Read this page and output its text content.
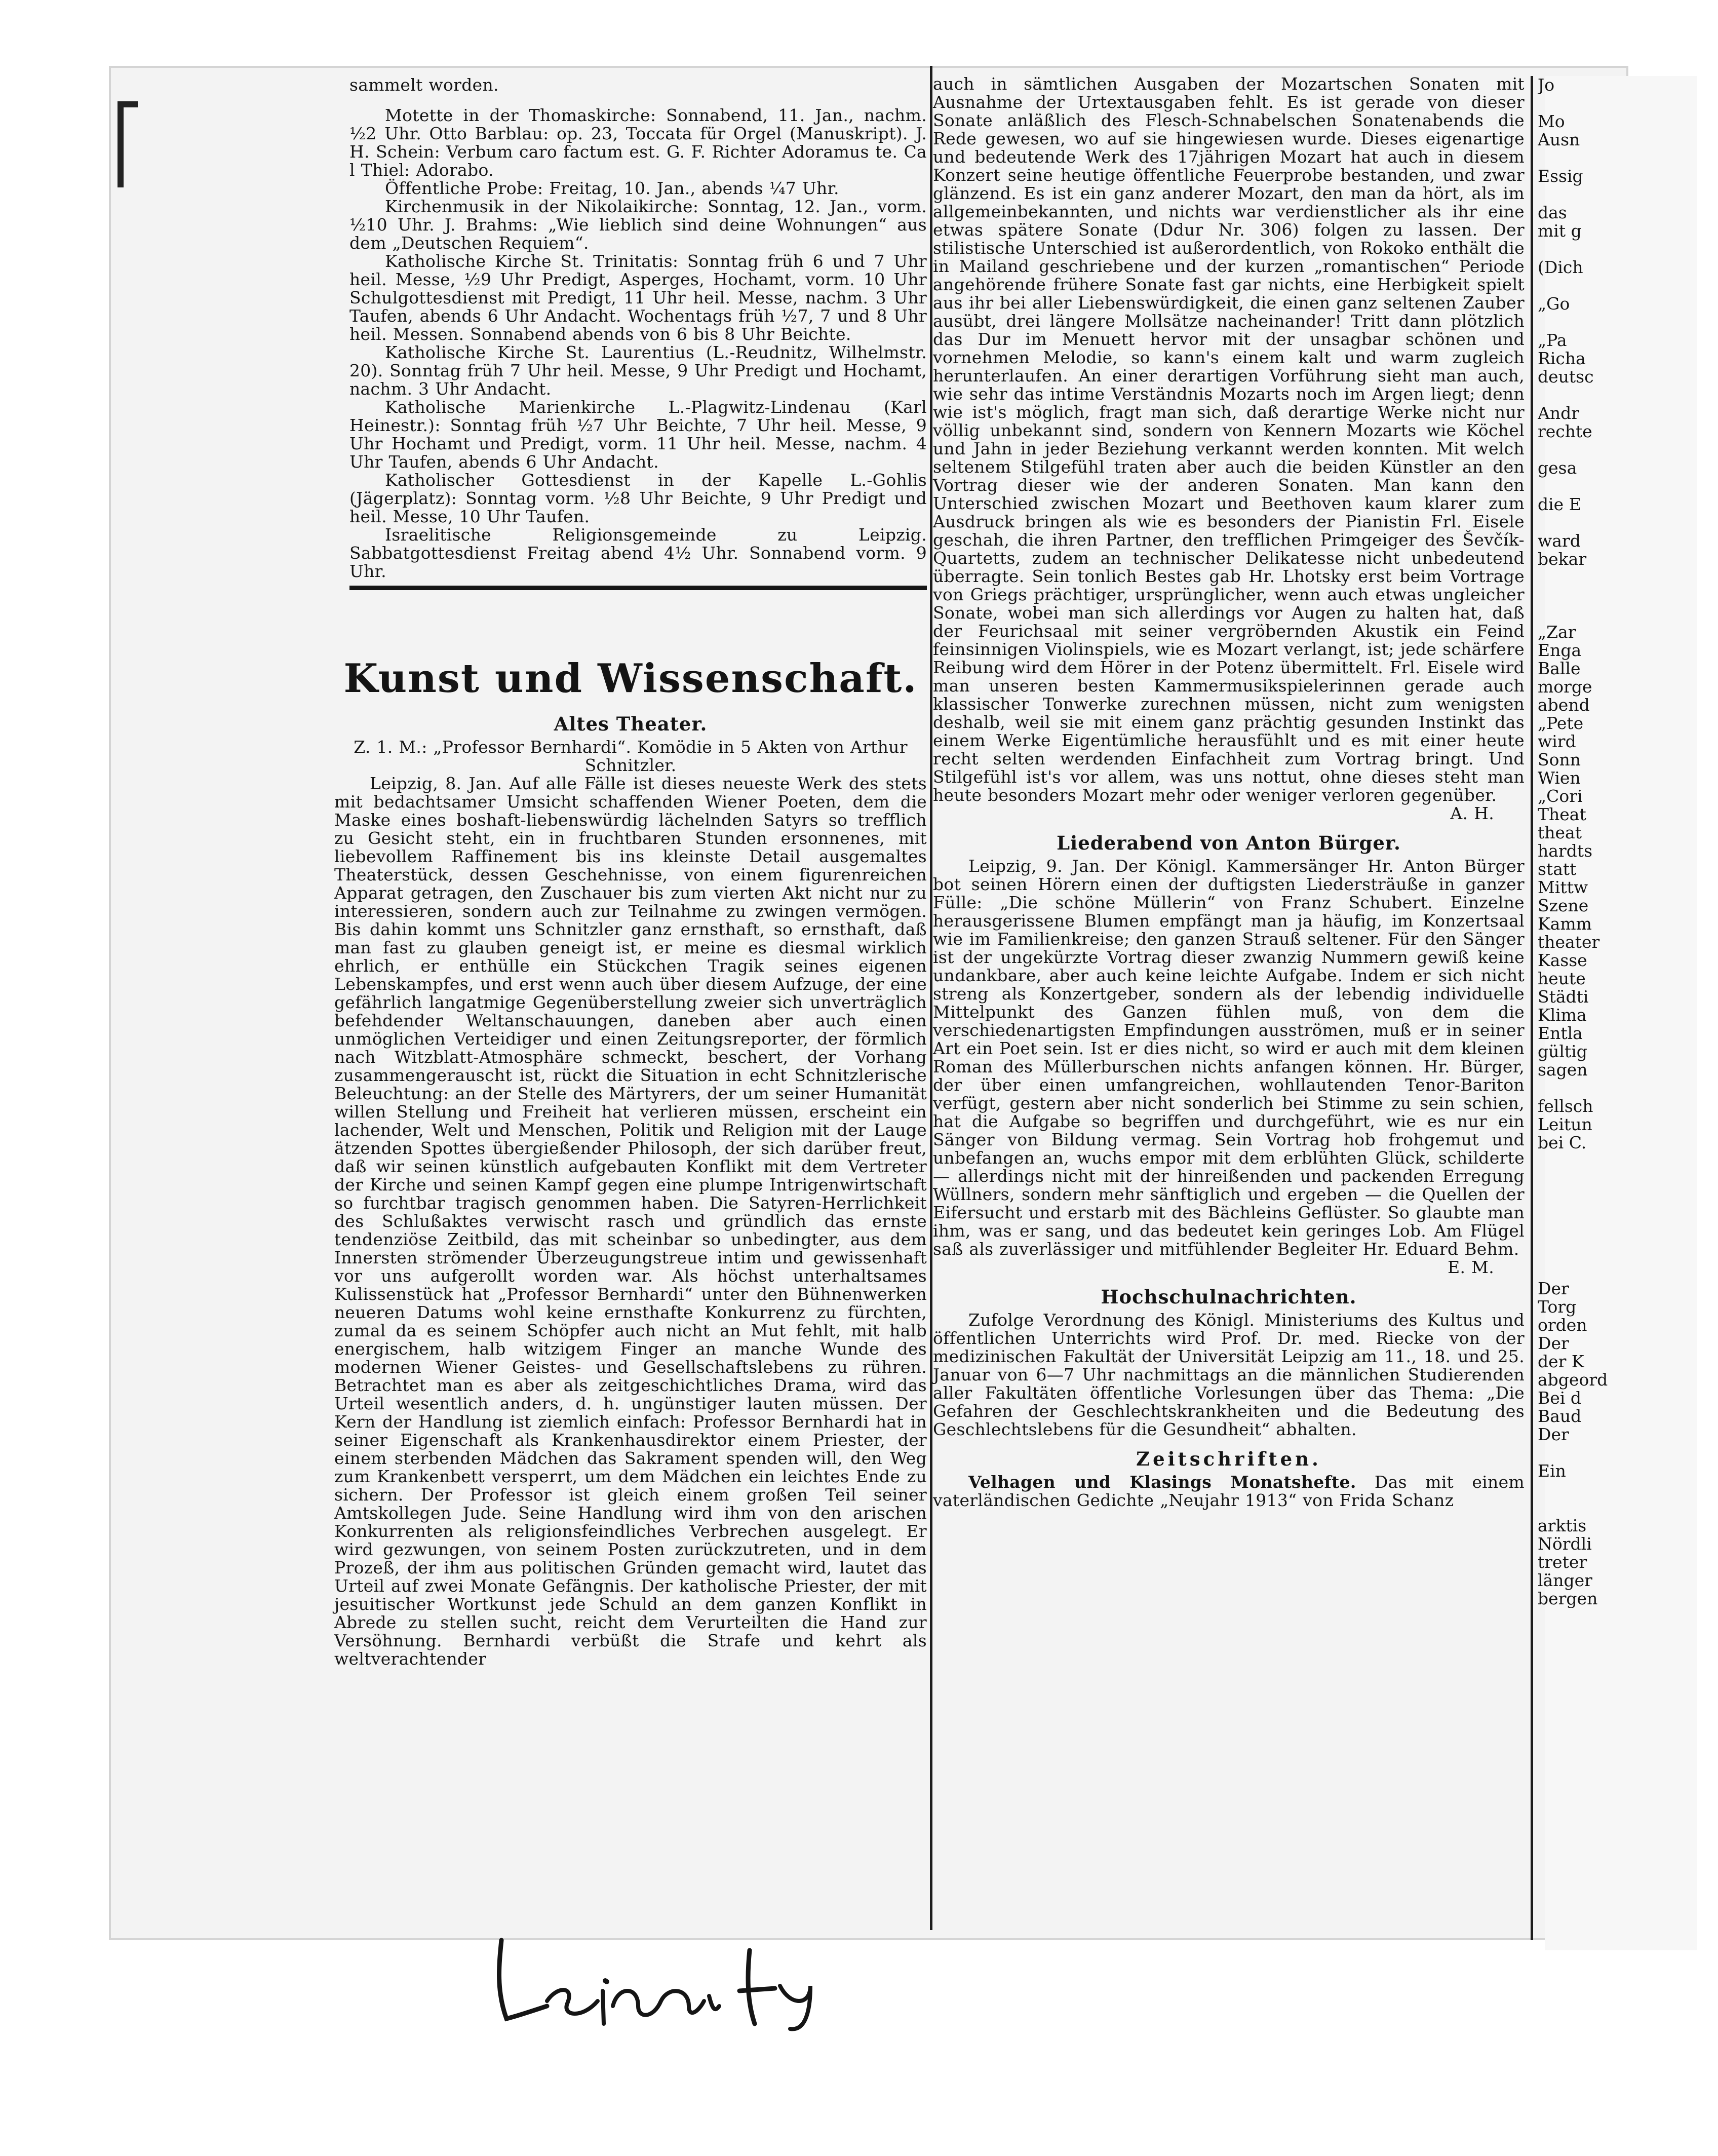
sammelt worden.

Motette in der Thomaskirche: Sonnabend, 11. Jan., nachm. ½2 Uhr. Otto Barblau: op. 23, Toccata für Orgel (Manuskript). J. H. Schein: Verbum caro factum est. G. F. Richter Adoramus te. Ca l Thiel: Adorabo.

Öffentliche Probe: Freitag, 10. Jan., abends ¼7 Uhr.

Kirchenmusik in der Nikolaikirche: Sonntag, 12. Jan., vorm. ½10 Uhr. J. Brahms: „Wie lieblich sind deine Wohnungen“ aus dem „Deutschen Requiem“.

Katholische Kirche St. Trinitatis: Sonntag früh 6 und 7 Uhr heil. Messe, ½9 Uhr Predigt, Asperges, Hochamt, vorm. 10 Uhr Schulgottesdienst mit Predigt, 11 Uhr heil. Messe, nachm. 3 Uhr Taufen, abends 6 Uhr Andacht. Wochentags früh ½7, 7 und 8 Uhr heil. Messen. Sonnabend abends von 6 bis 8 Uhr Beichte.

Katholische Kirche St. Laurentius (L.-Reudnitz, Wilhelmstr. 20). Sonntag früh 7 Uhr heil. Messe, 9 Uhr Predigt und Hochamt, nachm. 3 Uhr Andacht.

Katholische Marienkirche L.-Plagwitz-Lindenau (Karl Heinestr.): Sonntag früh ½7 Uhr Beichte, 7 Uhr heil. Messe, 9 Uhr Hochamt und Predigt, vorm. 11 Uhr heil. Messe, nachm. 4 Uhr Taufen, abends 6 Uhr Andacht.

Katholischer Gottesdienst in der Kapelle L.-Gohlis (Jägerplatz): Sonntag vorm. ½8 Uhr Beichte, 9 Uhr Predigt und heil. Messe, 10 Uhr Taufen.

Israelitische Religionsgemeinde zu Leipzig. Sabbatgottesdienst Freitag abend 4½ Uhr. Sonnabend vorm. 9 Uhr.

Kunst und Wissenschaft.

Altes Theater.

Z. 1. M.: „Professor Bernhardi“. Komödie in 5 Akten von Arthur Schnitzler.

Leipzig, 8. Jan. Auf alle Fälle ist dieses neueste Werk des stets mit bedachtsamer Umsicht schaffenden Wiener Poeten, dem die Maske eines boshaft-liebenswürdig lächelnden Satyrs so trefflich zu Gesicht steht, ein in fruchtbaren Stunden ersonnenes, mit liebevollem Raffinement bis ins kleinste Detail ausgemaltes Theaterstück, dessen Geschehnisse, von einem figurenreichen Apparat getragen, den Zuschauer bis zum vierten Akt nicht nur zu interessieren, sondern auch zur Teilnahme zu zwingen vermögen. Bis dahin kommt uns Schnitzler ganz ernsthaft, so ernsthaft, daß man fast zu glauben geneigt ist, er meine es diesmal wirklich ehrlich, er enthülle ein Stückchen Tragik seines eigenen Lebenskampfes, und erst wenn auch über diesem Aufzuge, der eine gefährlich langatmige Gegenüberstellung zweier sich unverträglich befehdender Weltanschauungen, daneben aber auch einen unmöglichen Verteidiger und einen Zeitungsreporter, der förmlich nach Witzblatt-Atmosphäre schmeckt, beschert, der Vorhang zusammengerauscht ist, rückt die Situation in echt Schnitzlerische Beleuchtung: an der Stelle des Märtyrers, der um seiner Humanität willen Stellung und Freiheit hat verlieren müssen, erscheint ein lachender, Welt und Menschen, Politik und Religion mit der Lauge ätzenden Spottes übergießender Philosoph, der sich darüber freut, daß wir seinen künstlich aufgebauten Konflikt mit dem Vertreter der Kirche und seinen Kampf gegen eine plumpe Intrigenwirtschaft so furchtbar tragisch genommen haben. Die Satyren-Herrlichkeit des Schlußaktes verwischt rasch und gründlich das ernste tendenziöse Zeitbild, das mit scheinbar so unbedingter, aus dem Innersten strömender Überzeugungstreue intim und gewissenhaft vor uns aufgerollt worden war. Als höchst unterhaltsames Kulissenstück hat „Professor Bernhardi“ unter den Bühnenwerken neueren Datums wohl keine ernsthafte Konkurrenz zu fürchten, zumal da es seinem Schöpfer auch nicht an Mut fehlt, mit halb energischem, halb witzigem Finger an manche Wunde des modernen Wiener Geistes- und Gesellschaftslebens zu rühren. Betrachtet man es aber als zeitgeschichtliches Drama, wird das Urteil wesentlich anders, d. h. ungünstiger lauten müssen. Der Kern der Handlung ist ziemlich einfach: Professor Bernhardi hat in seiner Eigenschaft als Krankenhausdirektor einem Priester, der einem sterbenden Mädchen das Sakrament spenden will, den Weg zum Krankenbett versperrt, um dem Mädchen ein leichtes Ende zu sichern. Der Professor ist gleich einem großen Teil seiner Amtskollegen Jude. Seine Handlung wird ihm von den arischen Konkurrenten als religionsfeindliches Verbrechen ausgelegt. Er wird gezwungen, von seinem Posten zurückzutreten, und in dem Prozeß, der ihm aus politischen Gründen gemacht wird, lautet das Urteil auf zwei Monate Gefängnis. Der katholische Priester, der mit jesuitischer Wortkunst jede Schuld an dem ganzen Konflikt in Abrede zu stellen sucht, reicht dem Verurteilten die Hand zur Versöhnung. Bernhardi verbüßt die Strafe und kehrt als weltverachtender

auch in sämtlichen Ausgaben der Mozartschen Sonaten mit Ausnahme der Urtextausgaben fehlt. Es ist gerade von dieser Sonate anläßlich des Flesch-Schnabelschen Sonatenabends die Rede gewesen, wo auf sie hingewiesen wurde. Dieses eigenartige und bedeutende Werk des 17jährigen Mozart hat auch in diesem Konzert seine heutige öffentliche Feuerprobe bestanden, und zwar glänzend. Es ist ein ganz anderer Mozart, den man da hört, als im allgemeinbekannten, und nichts war verdienstlicher als ihr eine etwas spätere Sonate (Ddur Nr. 306) folgen zu lassen. Der stilistische Unterschied ist außerordentlich, von Rokoko enthält die in Mailand geschriebene und der kurzen „romantischen“ Periode angehörende frühere Sonate fast gar nichts, eine Herbigkeit spielt aus ihr bei aller Liebenswürdigkeit, die einen ganz seltenen Zauber ausübt, drei längere Mollsätze nacheinander! Tritt dann plötzlich das Dur im Menuett hervor mit der unsagbar schönen und vornehmen Melodie, so kann's einem kalt und warm zugleich herunterlaufen. An einer derartigen Vorführung sieht man auch, wie sehr das intime Verständnis Mozarts noch im Argen liegt; denn wie ist's möglich, fragt man sich, daß derartige Werke nicht nur völlig unbekannt sind, sondern von Kennern Mozarts wie Köchel und Jahn in jeder Beziehung verkannt werden konnten. Mit welch seltenem Stilgefühl traten aber auch die beiden Künstler an den Vortrag dieser wie der anderen Sonaten. Man kann den Unterschied zwischen Mozart und Beethoven kaum klarer zum Ausdruck bringen als wie es besonders der Pianistin Frl. Eisele geschah, die ihren Partner, den trefflichen Primgeiger des Ševčík-Quartetts, zudem an technischer Delikatesse nicht unbedeutend überragte. Sein tonlich Bestes gab Hr. Lhotsky erst beim Vortrage von Griegs prächtiger, ursprünglicher, wenn auch etwas ungleicher Sonate, wobei man sich allerdings vor Augen zu halten hat, daß der Feurichsaal mit seiner vergröbernden Akustik ein Feind feinsinnigen Violinspiels, wie es Mozart verlangt, ist; jede schärfere Reibung wird dem Hörer in der Potenz übermittelt. Frl. Eisele wird man unseren besten Kammermusikspielerinnen gerade auch klassischer Tonwerke zurechnen müssen, nicht zum wenigsten deshalb, weil sie mit einem ganz prächtig gesunden Instinkt das einem Werke Eigentümliche herausfühlt und es mit einer heute recht selten werdenden Einfachheit zum Vortrag bringt. Und Stilgefühl ist's vor allem, was uns nottut, ohne dieses steht man heute besonders Mozart mehr oder weniger verloren gegenüber.

A. H.

Liederabend von Anton Bürger.

Leipzig, 9. Jan. Der Königl. Kammersänger Hr. Anton Bürger bot seinen Hörern einen der duftigsten Liedersträuße in ganzer Fülle: „Die schöne Müllerin“ von Franz Schubert. Einzelne herausgerissene Blumen empfängt man ja häufig, im Konzertsaal wie im Familienkreise; den ganzen Strauß seltener. Für den Sänger ist der ungekürzte Vortrag dieser zwanzig Nummern gewiß keine undankbare, aber auch keine leichte Aufgabe. Indem er sich nicht streng als Konzertgeber, sondern als der lebendig individuelle Mittelpunkt des Ganzen fühlen muß, von dem die verschiedenartigsten Empfindungen ausströmen, muß er in seiner Art ein Poet sein. Ist er dies nicht, so wird er auch mit dem kleinen Roman des Müllerburschen nichts anfangen können. Hr. Bürger, der über einen umfangreichen, wohllautenden Tenor-Bariton verfügt, gestern aber nicht sonderlich bei Stimme zu sein schien, hat die Aufgabe so begriffen und durchgeführt, wie es nur ein Sänger von Bildung vermag. Sein Vortrag hob frohgemut und unbefangen an, wuchs empor mit dem erblühten Glück, schilderte — allerdings nicht mit der hinreißenden und packenden Erregung Wüllners, sondern mehr sänftiglich und ergeben — die Quellen der Eifersucht und erstarb mit des Bächleins Geflüster. So glaubte man ihm, was er sang, und das bedeutet kein geringes Lob. Am Flügel saß als zuverlässiger und mitfühlender Begleiter Hr. Eduard Behm.

E. M.

Hochschulnachrichten.

Zufolge Verordnung des Königl. Ministeriums des Kultus und öffentlichen Unterrichts wird Prof. Dr. med. Riecke von der medizinischen Fakultät der Universität Leipzig am 11., 18. und 25. Januar von 6—7 Uhr nachmittags an die männlichen Studierenden aller Fakultäten öffentliche Vorlesungen über das Thema: „Die Gefahren der Geschlechtskrankheiten und die Bedeutung des Geschlechtslebens für die Gesundheit“ abhalten.

Zeitschriften.

Velhagen und Klasings Monatshefte. Das mit einem vaterländischen Gedichte „Neujahr 1913“ von Frida Schanz

Jo

Mo
Ausn

Essig

das
mit g

(Dich

„Go

„Pa
Richa
deutsc

Andr
rechte

gesa

die E

ward
bekar

„Zar
Enga
Balle
morge
abend
„Pete
wird
Sonn
Wien
„Cori
Theat
theat
hardts
statt
Mittw
Szene
Kamm
theater
Kasse
heute
Städti
Klima
Entla
gültig
sagen

fellsch
Leitun
bei C.

Der
Torg
orden
Der
der K
abgeord
Bei d
Baud
Der

Ein

arktis
Nördli
treter
länger
bergen
